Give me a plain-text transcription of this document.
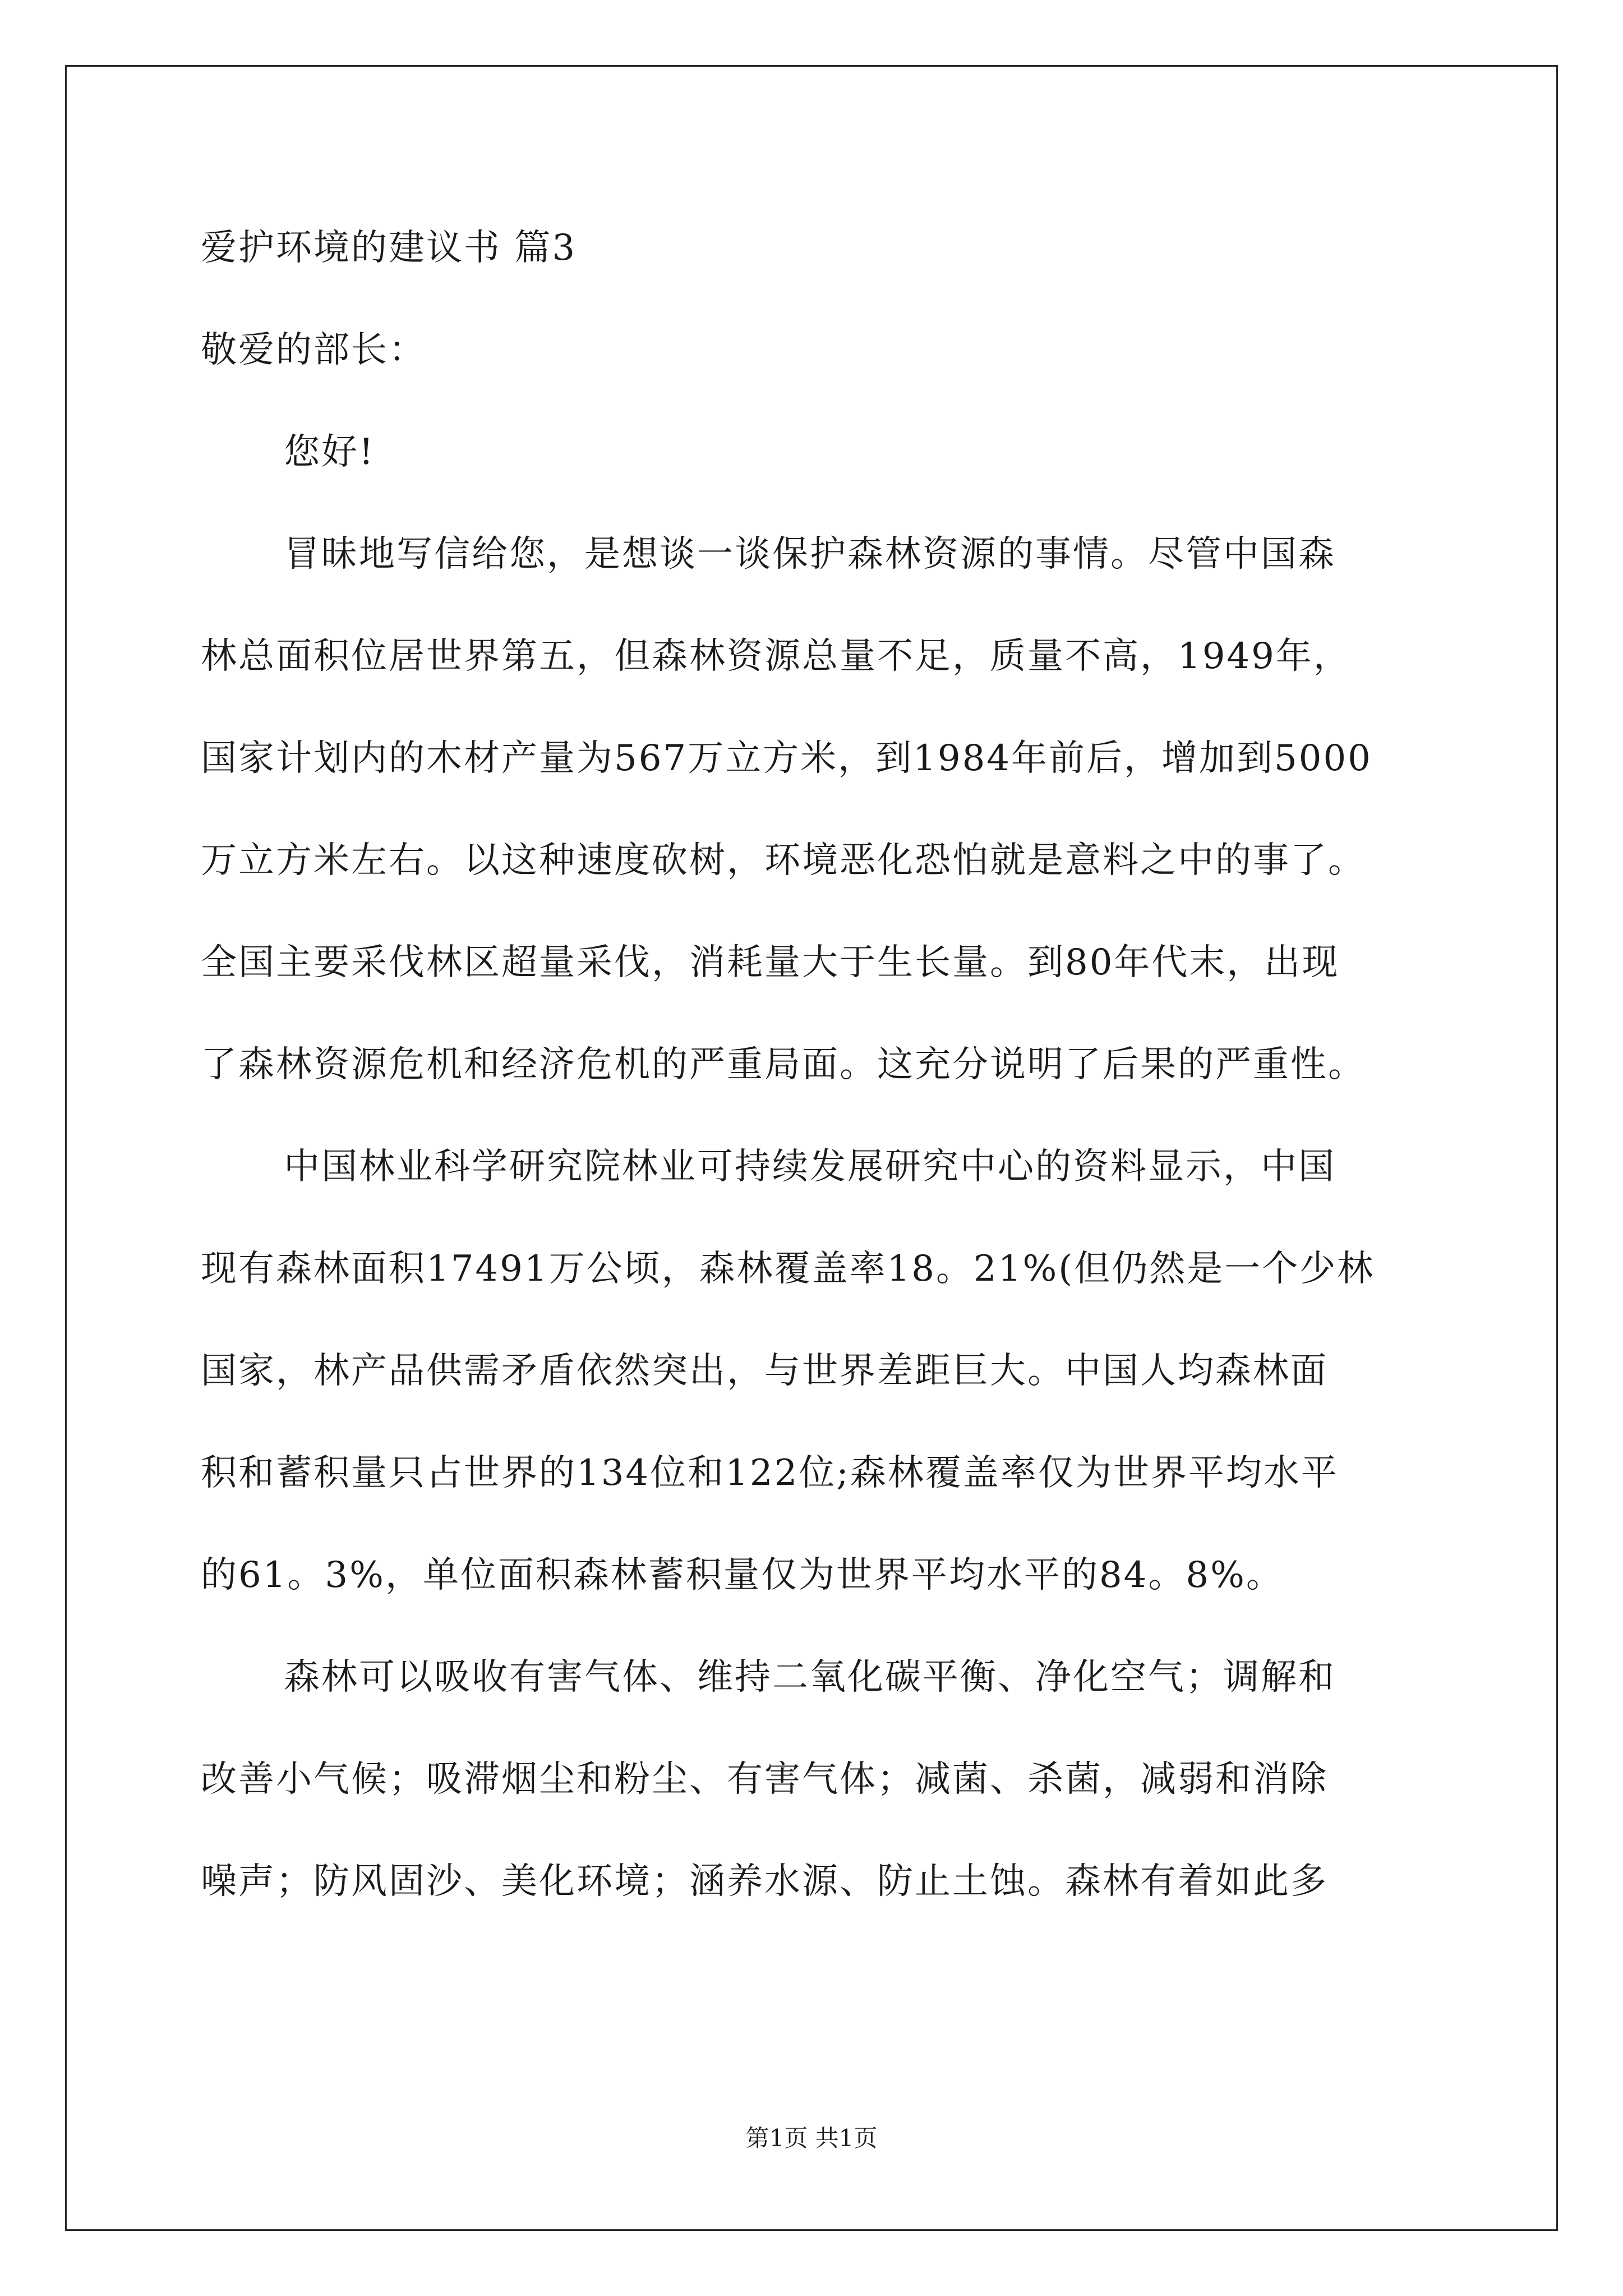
爱护环境的建议书 篇3
敬爱的部长：
您好!
冒昧地写信给您，是想谈一谈保护森林资源的事情。尽管中国森
林总面积位居世界第五，但森林资源总量不足，质量不高，1949年，
国家计划内的木材产量为567万立方米，到1984年前后，增加到5000
万立方米左右。以这种速度砍树，环境恶化恐怕就是意料之中的事了。
全国主要采伐林区超量采伐，消耗量大于生长量。到80年代末，出现
了森林资源危机和经济危机的严重局面。这充分说明了后果的严重性。
中国林业科学研究院林业可持续发展研究中心的资料显示，中国
现有森林面积17491万公顷，森林覆盖率18。21%(但仍然是一个少林
国家，林产品供需矛盾依然突出，与世界差距巨大。中国人均森林面
积和蓄积量只占世界的134位和122位;森林覆盖率仅为世界平均水平
的61。3%，单位面积森林蓄积量仅为世界平均水平的84。8%。
森林可以吸收有害气体、维持二氧化碳平衡、净化空气；调解和
改善小气候；吸滞烟尘和粉尘、有害气体；减菌、杀菌，减弱和消除
噪声；防风固沙、美化环境；涵养水源、防止土蚀。森林有着如此多
第1页 共1页
